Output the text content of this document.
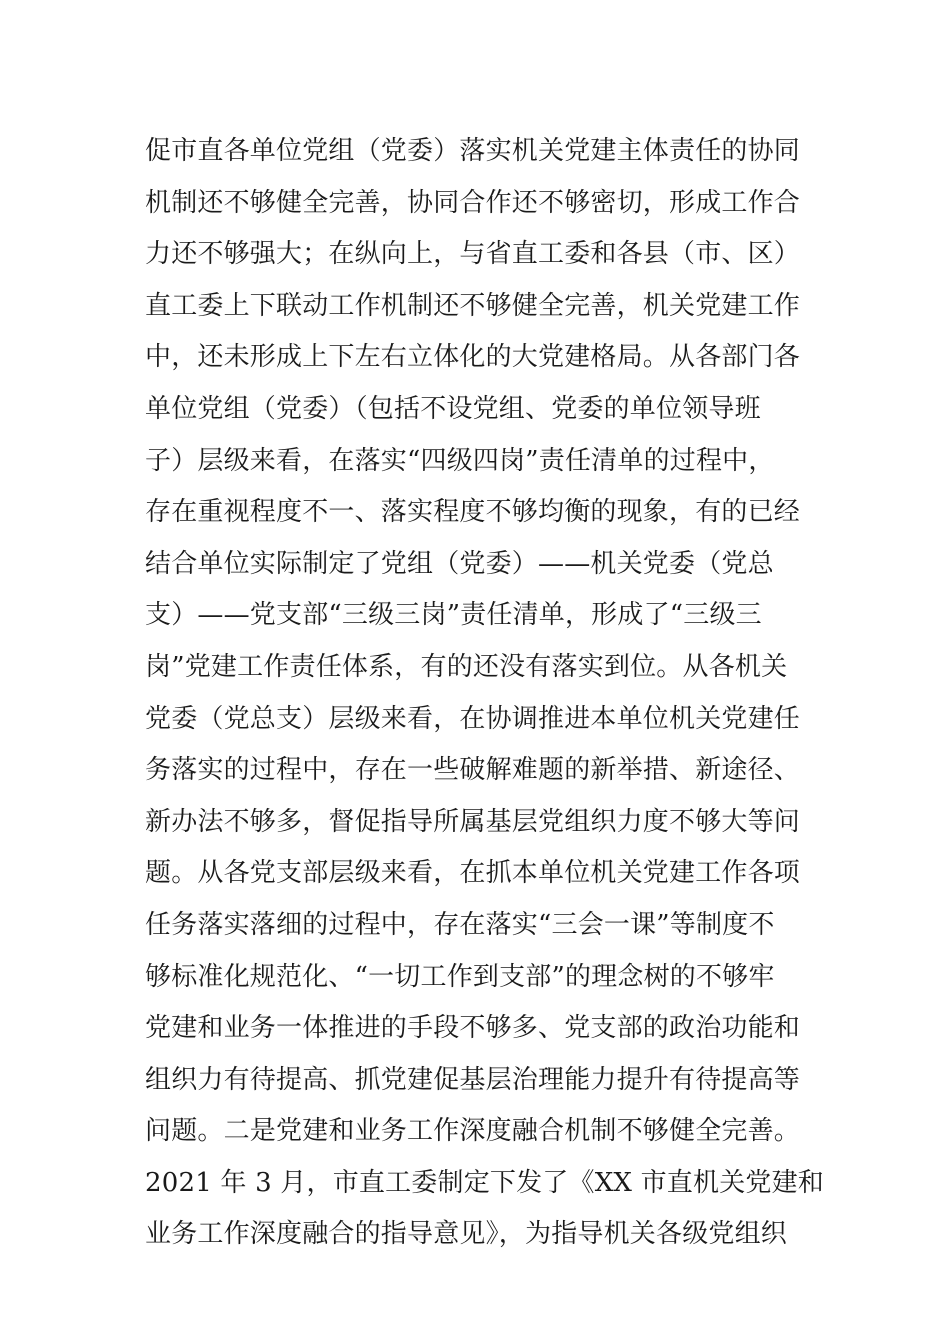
促市直各单位党组（党委）落实机关党建主体责任的协同
机制还不够健全完善，协同合作还不够密切，形成工作合
力还不够强大；在纵向上，与省直工委和各县（市、区）
直工委上下联动工作机制还不够健全完善，机关党建工作
中，还未形成上下左右立体化的大党建格局。从各部门各
单位党组（党委）（包括不设党组、党委的单位领导班
子）层级来看，在落实“四级四岗”责任清单的过程中，
存在重视程度不一、落实程度不够均衡的现象，有的已经
结合单位实际制定了党组（党委）——机关党委（党总
支）——党支部“三级三岗”责任清单，形成了“三级三
岗”党建工作责任体系，有的还没有落实到位。从各机关
党委（党总支）层级来看，在协调推进本单位机关党建任
务落实的过程中，存在一些破解难题的新举措、新途径、
新办法不够多，督促指导所属基层党组织力度不够大等问
题。从各党支部层级来看，在抓本单位机关党建工作各项
任务落实落细的过程中，存在落实“三会一课”等制度不
够标准化规范化、“一切工作到支部”的理念树的不够牢
党建和业务一体推进的手段不够多、党支部的政治功能和
组织力有待提高、抓党建促基层治理能力提升有待提高等
问题。二是党建和业务工作深度融合机制不够健全完善。
2021 年 3 月，市直工委制定下发了《XX 市直机关党建和
业务工作深度融合的指导意见》，为指导机关各级党组织
